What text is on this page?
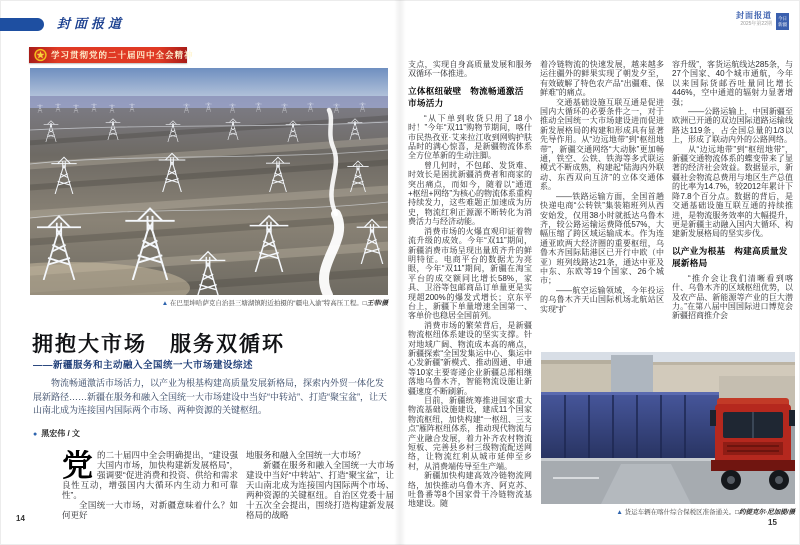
封面报道
学习贯彻党的二十届四中全会精神
▲ 在巴里坤哈萨克自治县三塘湖镇附近拍摄的“疆电入渝”特高压工程。□王菲/摄
拥抱大市场　服务双循环
——新疆服务和主动融入全国统一大市场建设综述
物流畅通激活市场活力，以产业为根基构建高质量发展新格局，探索内外贸一体化发展新路径……新疆在服务和融入全国统一大市场建设中当好“中转站”、打造“聚宝盆”，让天山南北成为连接国内国际两个市场、两种资源的关键枢纽。
● 黑宏伟 / 文
党 的二十届四中全会明确提出，“建设强大国内市场，加快构建新发展格局”，强调要“促进消费和投资、供给和需求良性互动，增强国内大循环内生动力和可靠性”。

全国统一大市场，对新疆意味着什么？如何更好

地服务和融入全国统一大市场？

新疆在服务和融入全国统一大市场建设中当好“中转站”、打造“聚宝盆”，让天山南北成为连接国内国际两个市场、两种资源的关键枢纽。自治区党委十届十五次全会提出，围绕打造构建新发展格局的战略

14
封面报道
2025年第22期
今日
新疆

支点，实现自身高质量发展和服务双循环一体推进。

立体枢纽破壁　物流畅通激活市场活力

“从下单到收货只用了18小时！”今年“双11”购物节期间，喀什市民热孜亚·艾来拉江收到网购护肤品时的满心惊喜，是新疆物流体系全方位革新的生动注脚。

曾几何时，不包邮、发货难、时效长是困扰新疆消费者和商家的突出痛点，而如今，随着以“通道+枢纽+网络”为核心的物流体系重构持续发力，这些难题正加速成为历史，物流红利正源源不断转化为消费活力与经济动能。

消费市场的火爆直观印证着物流升级的成效。今年“双11”期间，新疆消费市场呈现出量质齐升的鲜明特征。电商平台的数据尤为亮眼，今年“双11”期间，新疆在淘宝平台的成交额同比增长58%，家具、卫浴等包邮商品订单量更是实现超200%的爆发式增长；京东平台上，新疆下单量增速全国第一、客单价也稳居全国前列。

消费市场的繁荣背后，是新疆物流枢纽体系建设的坚实支撑。针对地域广阔、物流成本高的痛点，新疆探索“全国发集运中心、集运中心发新疆”新模式、推动圆通、申通等10家主要寄递企业新疆总部相继落地乌鲁木齐，智能物流设施让新疆速度不断刷新。

目前，新疆统筹推进国家重大物流基础设施建设，建成11个国家物流枢纽，加快构建“一枢纽、三支点”雁阵枢纽体系，推动现代物流与产业融合发展，着力补齐农村物流短板、完善县乡村三级物流配送网络，让物流红利从城市延伸至乡村，从消费端传导至生产端。

新疆加快构建高效冷链物流网络，加快推动乌鲁木齐、阿克苏、吐鲁番等8个国家骨干冷链物流基地建设。随

着冷链物流的快速发展，越来越多运往疆外的鲜果实现了朝发夕至，有效破解了特色农产品“出疆难、保鲜难”的痛点。

交通基础设施互联互通是促进国内大循环的必要条件之一，对于推动全国统一大市场建设进而促进新发展格局的构建和形成具有显著先导作用。从“边远地带”到“枢纽地带”，新疆交通网络“大动脉”更加畅通，铁空、公铁、铁海等多式联运模式不断成熟，构建起“陆海内外联动、东西双向互济”的立体交通体系。

——铁路运输方面，全国首趟快递电商“公转铁”集装箱班列从西安始发，仅用38小时就抵达乌鲁木齐，较公路运输运费降低57%，大幅压缩了跨区域运输成本。作为连通亚欧两大经济圈的重要枢纽，乌鲁木齐国际陆港区已开行中欧（中亚）班列线路达21条，通达中亚及中东、东欧等19个国家、26个城市；

——航空运输领域，今年投运的乌鲁木齐天山国际机场北航站区实现“扩

容升级”，客货运航线达285条，与27个国家、40个城市通航，今年以来国际货邮吞吐量同比增长446%，空中通道的辐射力显著增强；

——公路运输上，中国新疆至欧洲已开通的双边国际道路运输线路达119条，占全国总量的1/3以上，形成了联动内外的公路网络。

从“边远地带”到“枢纽地带”，新疆交通物流体系的蝶变带来了显著的经济社会效益。数据显示，新疆社会物流总费用与地区生产总值的比率为14.7%，较2012年累计下降7.8个百分点。数据的背后，是交通基础设施互联互通的持续推进，是物流服务效率的大幅提升，更是新疆主动融入国内大循环、构建新发展格局的坚实步伐。

以产业为根基　构建高质量发展新格局

“推介会让我们清晰看到喀什、乌鲁木齐的区域枢纽优势，以及农产品、新能源等产业的巨大潜力。”在第八届中国国际进口博览会新疆招商推介会

▲ 货运车辆在喀什综合保税区准备通关。□约提克尔·尼加提/摄
15
